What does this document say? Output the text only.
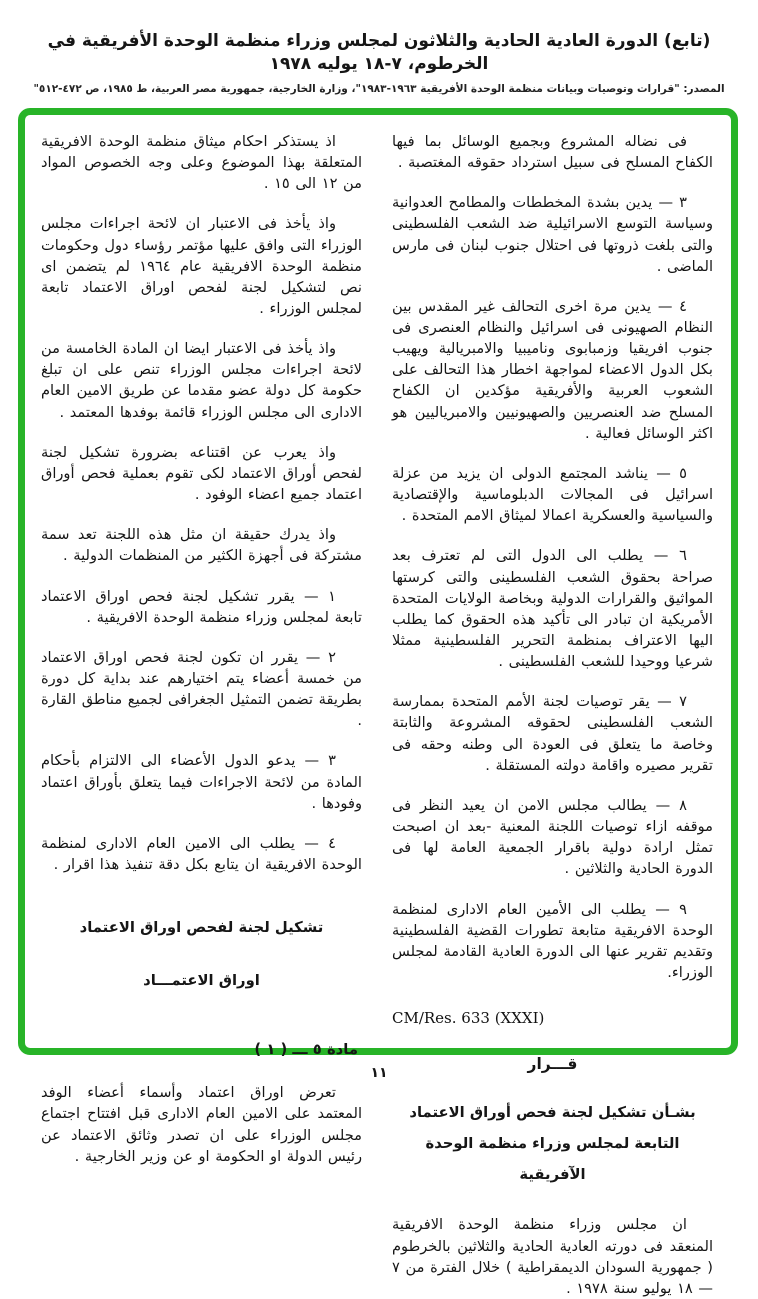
(تابع) الدورة العادية الحادية والثلاثون لمجلس وزراء منظمة الوحدة الأفريقية في الخرطوم، ٧-١٨ يوليه ١٩٧٨
المصدر: "قرارات وتوصيات وبيانات منظمة الوحدة الأفريقية ١٩٦٣-١٩٨٣"، وزارة الخارجية، جمهورية مصر العربية، ط ١٩٨٥، ص ٤٧٢-٥١٢"

فى نضاله المشروع وبجميع الوسائل بما فيها الكفاح المسلح فى سبيل استرداد حقوقه المغتصبة .

٣ — يدين بشدة المخططات والمطامح العدوانية وسياسة التوسع الاسرائيلية ضد الشعب الفلسطينى والتى بلغت ذروتها فى احتلال جنوب لبنان فى مارس الماضى .

٤ — يدين مرة اخرى التحالف غير المقدس بين النظام الصهيونى فى اسرائيل والنظام العنصرى فى جنوب افريقيا وزمبابوى وناميبيا والامبريالية ويهيب بكل الدول الاعضاء لمواجهة اخطار هذا التحالف على الشعوب العربية والأفريقية مؤكدين ان الكفاح المسلح ضد العنصريين والصهيونيين والامبرياليين هو اكثر الوسائل فعالية .

٥ — يناشد المجتمع الدولى ان يزيد من عزلة اسرائيل فى المجالات الدبلوماسية والإقتصادية والسياسية والعسكرية اعمالا لميثاق الامم المتحدة .

٦ — يطلب الى الدول التى لم تعترف بعد صراحة بحقوق الشعب الفلسطينى والتى كرستها المواثيق والقرارات الدولية وبخاصة الولايات المتحدة الأمريكية ان تبادر الى تأكيد هذه الحقوق كما يطلب اليها الاعتراف بمنظمة التحرير الفلسطينية ممثلا شرعيا ووحيدا للشعب الفلسطينى .

٧ — يقر توصيات لجنة الأمم المتحدة بممارسة الشعب الفلسطينى لحقوقه المشروعة والثابتة وخاصة ما يتعلق فى العودة الى وطنه وحقه فى تقرير مصيره واقامة دولته المستقلة .

٨ — يطالب مجلس الامن ان يعيد النظر فى موقفه ازاء توصيات اللجنة المعنية -بعد ان اصبحت تمثل ارادة دولية باقرار الجمعية العامة لها فى الدورة الحادية والثلاثين .

٩ — يطلب الى الأمين العام الادارى لمنظمة الوحدة الافريقية متابعة تطورات القضية الفلسطينية وتقديم تقرير عنها الى الدورة العادية القادمة لمجلس الوزراء.

CM/Res. 633 (XXXI)
قـــرار
بشـأن تشكيل لجنة فحص أوراق الاعتماد
التابعة لمجلس وزراء منظمة الوحدة الآفريقية

ان مجلس وزراء منظمة الوحدة الافريقية المنعقد فى دورته العادية الحادية والثلاثين بالخرطوم ( جمهورية السودان الديمقراطية ) خلال الفترة من ٧ — ١٨ يوليو سنة ١٩٧٨ .

اذ يستذكر احكام ميثاق منظمة الوحدة الافريقية المتعلقة بهذا الموضوع وعلى وجه الخصوص المواد من ١٢ الى ١٥ .

واذ يأخذ فى الاعتبار ان لائحة اجراءات مجلس الوزراء التى وافق عليها مؤتمر رؤساء دول وحكومات منظمة الوحدة الافريقية عام ١٩٦٤ لم يتضمن اى نص لتشكيل لجنة لفحص اوراق الاعتماد تابعة لمجلس الوزراء .

واذ يأخذ فى الاعتبار ايضا ان المادة الخامسة من لائحة اجراءات مجلس الوزراء تنص على ان تبلغ حكومة كل دولة عضو مقدما عن طريق الامين العام الادارى الى مجلس الوزراء قائمة بوفدها المعتمد .

واذ يعرب عن اقتناعه بضرورة تشكيل لجنة لفحص أوراق الاعتماد لكى تقوم بعملية فحص أوراق اعتماد جميع اعضاء الوفود .

واذ يدرك حقيقة ان مثل هذه اللجنة تعد سمة مشتركة فى أجهزة الكثير من المنظمات الدولية .

١ — يقرر تشكيل لجنة فحص اوراق الاعتماد تابعة لمجلس وزراء منظمة الوحدة الافريقية .

٢ — يقرر ان تكون لجنة فحص اوراق الاعتماد من خمسة أعضاء يتم اختيارهم عند بداية كل دورة بطريقة تضمن التمثيل الجغرافى لجميع مناطق القارة .

٣ — يدعو الدول الأعضاء الى الالتزام بأحكام المادة من لائحة الاجراءات فيما يتعلق بأوراق اعتماد وفودها .

٤ — يطلب الى الامين العام الادارى لمنظمة الوحدة الافريقية ان يتابع بكل دقة تنفيذ هذا اقرار .

تشكيل لجنة لفحص اوراق الاعتماد
اوراق الاعتمـــاد
مادة ٥ ـــ ( ١ )

تعرض اوراق اعتماد وأسماء أعضاء الوفد المعتمد على الامين العام الادارى قبل افتتاح اجتماع مجلس الوزراء على ان تصدر وثائق الاعتماد عن رئيس الدولة او الحكومة او عن وزير الخارجية .

١١
